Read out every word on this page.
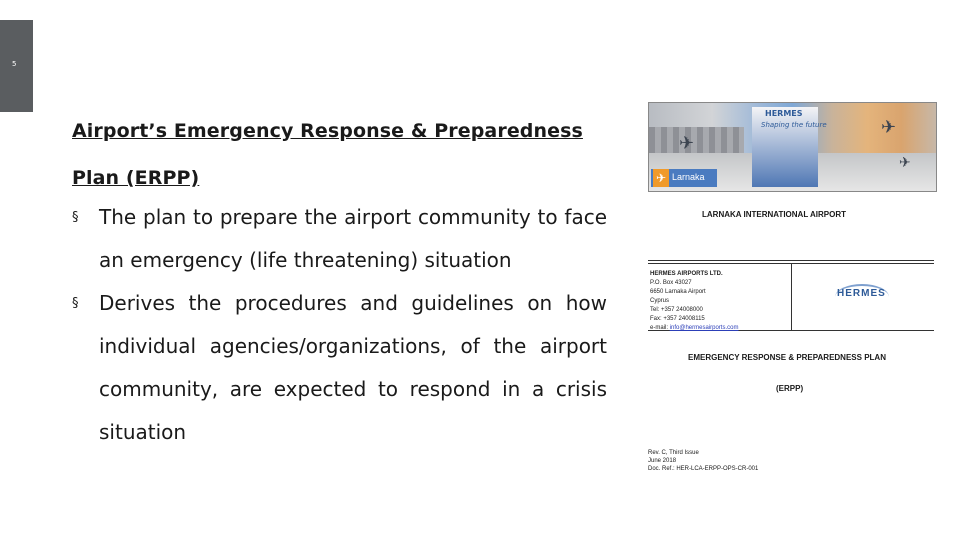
5
Airport’s Emergency Response & Preparedness
Plan (ERPP)
§ The plan to prepare the airport community to face an emergency (life threatening) situation
§ Derives the procedures and guidelines on how individual agencies/organizations, of the airport community, are expected to respond in a crisis situation
✈
✈
✈
HERMES
Shaping the future
✈ Larnaka
LARNAKA INTERNATIONAL AIRPORT
HERMES AIRPORTS LTD.
P.O. Box 43027
6650 Larnaka Airport
Cyprus
Tel: +357 24008000
Fax: +357 24008115
e-mail: info@hermesairports.com
HERMES
EMERGENCY RESPONSE & PREPAREDNESS PLAN
(ERPP)
Rev. C, Third Issue
June 2018
Doc. Ref.: HER-LCA-ERPP-OPS-CR-001
